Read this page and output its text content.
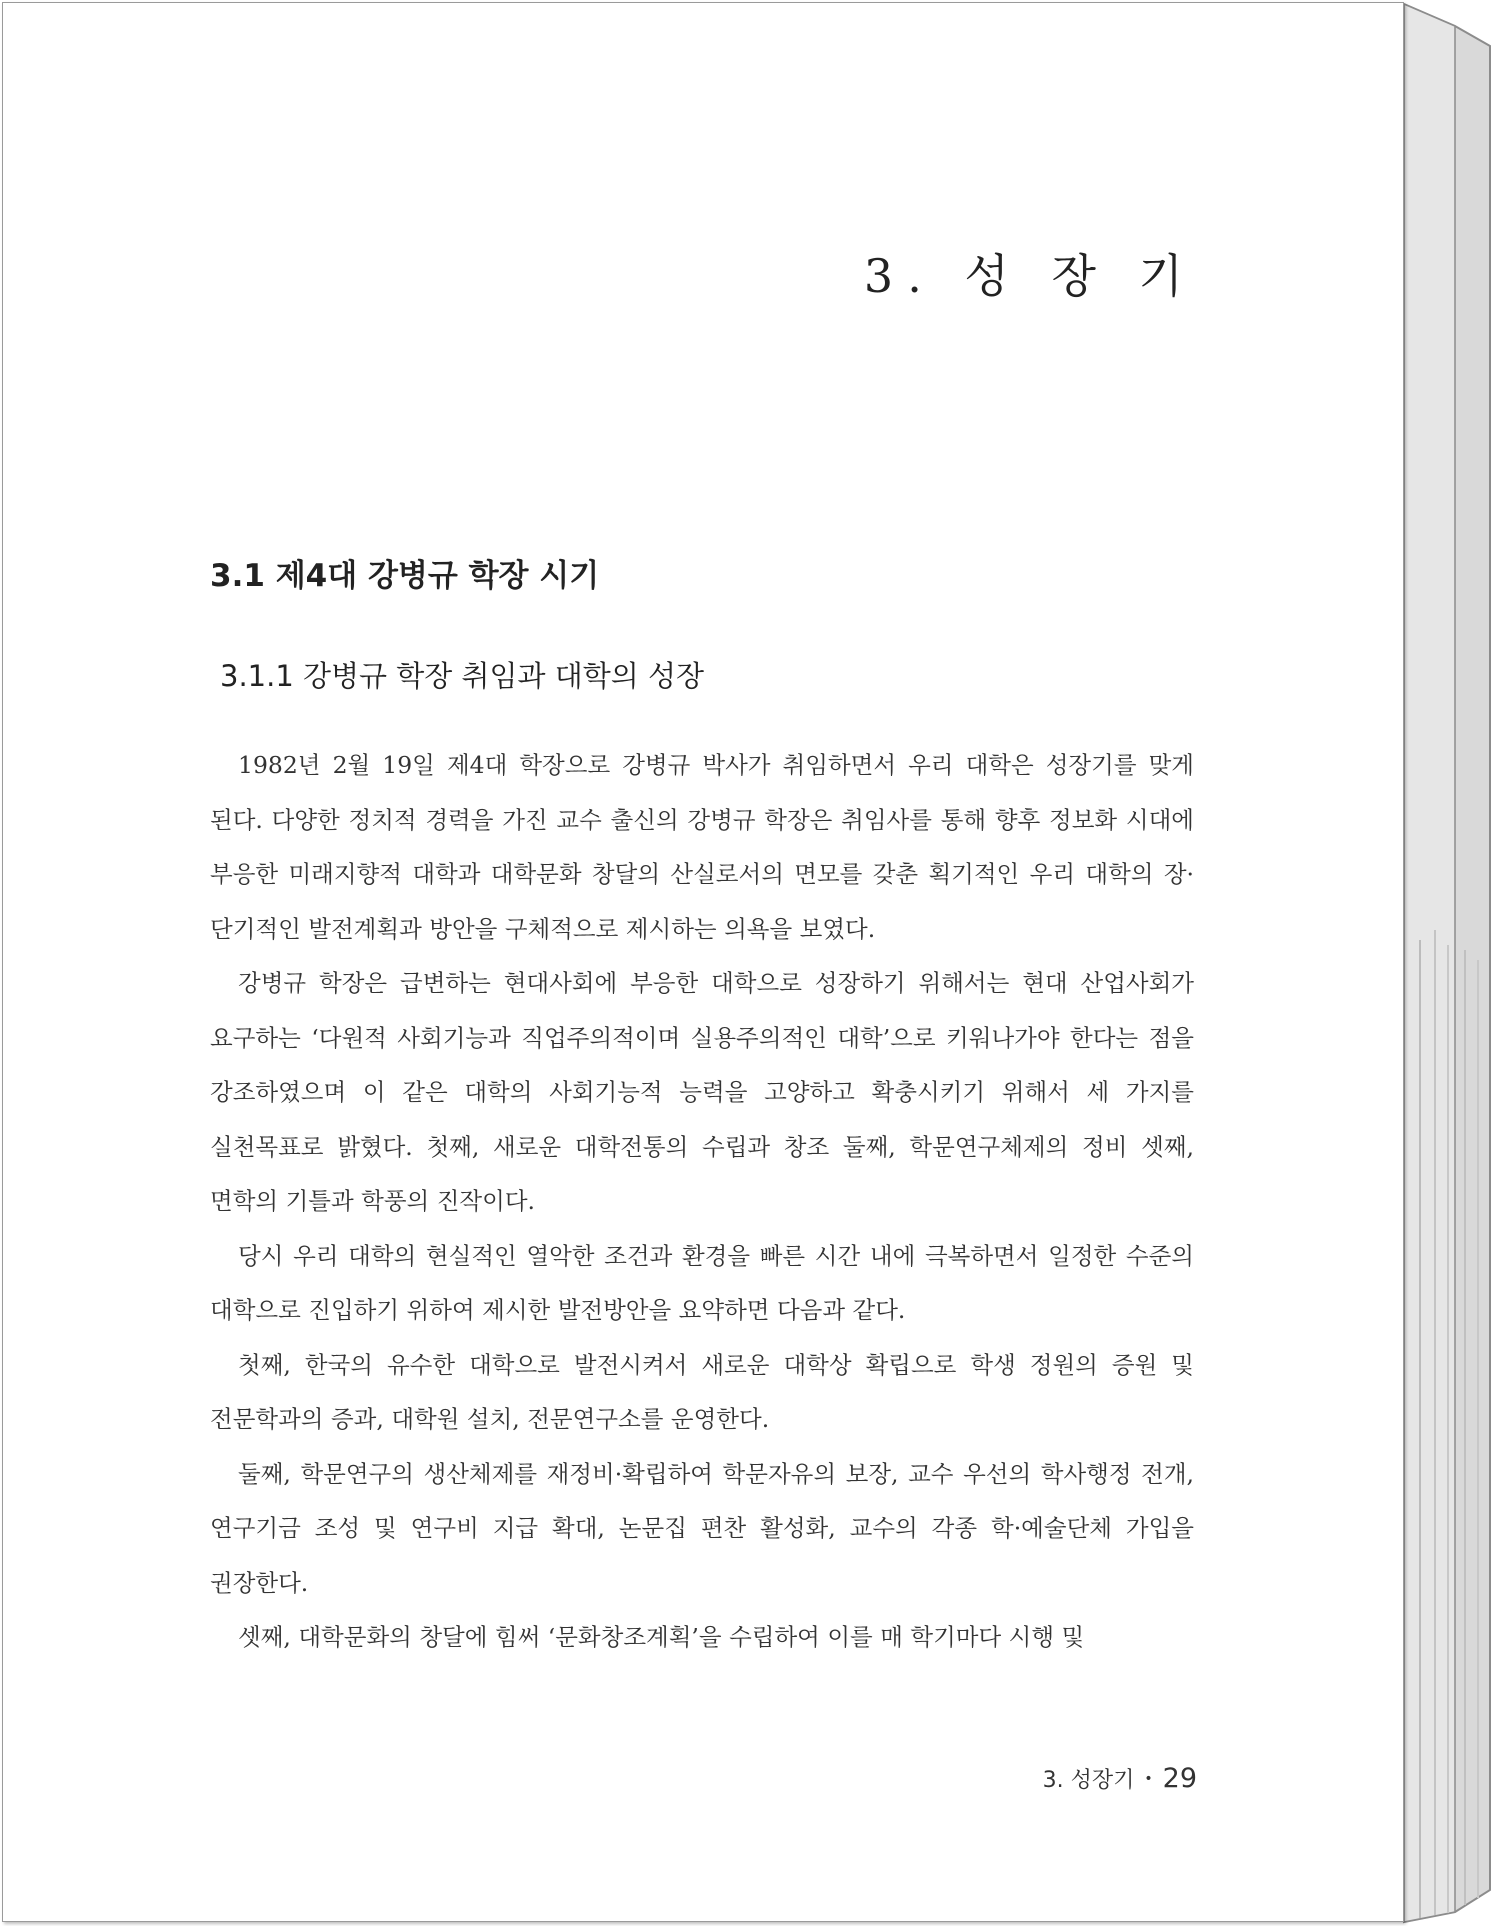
3. 성 장 기
3.1 제4대 강병규 학장 시기
3.1.1 강병규 학장 취임과 대학의 성장

1982년 2월 19일 제4대 학장으로 강병규 박사가 취임하면서 우리 대학은 성장기를 맞게 된다. 다양한 정치적 경력을 가진 교수 출신의 강병규 학장은 취임사를 통해 향후 정보화 시대에 부응한 미래지향적 대학과 대학문화 창달의 산실로서의 면모를 갖춘 획기적인 우리 대학의 장·단기적인 발전계획과 방안을 구체적으로 제시하는 의욕을 보였다.

강병규 학장은 급변하는 현대사회에 부응한 대학으로 성장하기 위해서는 현대 산업사회가 요구하는 ‘다원적 사회기능과 직업주의적이며 실용주의적인 대학’으로 키워나가야 한다는 점을 강조하였으며 이 같은 대학의 사회기능적 능력을 고양하고 확충시키기 위해서 세 가지를 실천목표로 밝혔다. 첫째, 새로운 대학전통의 수립과 창조 둘째, 학문연구체제의 정비 셋째, 면학의 기틀과 학풍의 진작이다.

당시 우리 대학의 현실적인 열악한 조건과 환경을 빠른 시간 내에 극복하면서 일정한 수준의 대학으로 진입하기 위하여 제시한 발전방안을 요약하면 다음과 같다.

첫째, 한국의 유수한 대학으로 발전시켜서 새로운 대학상 확립으로 학생 정원의 증원 및 전문학과의 증과, 대학원 설치, 전문연구소를 운영한다.

둘째, 학문연구의 생산체제를 재정비·확립하여 학문자유의 보장, 교수 우선의 학사행정 전개, 연구기금 조성 및 연구비 지급 확대, 논문집 편찬 활성화, 교수의 각종 학·예술단체 가입을 권장한다.

셋째, 대학문화의 창달에 힘써 ‘문화창조계획’을 수립하여 이를 매 학기마다 시행 및

3. 성장기 • 29
